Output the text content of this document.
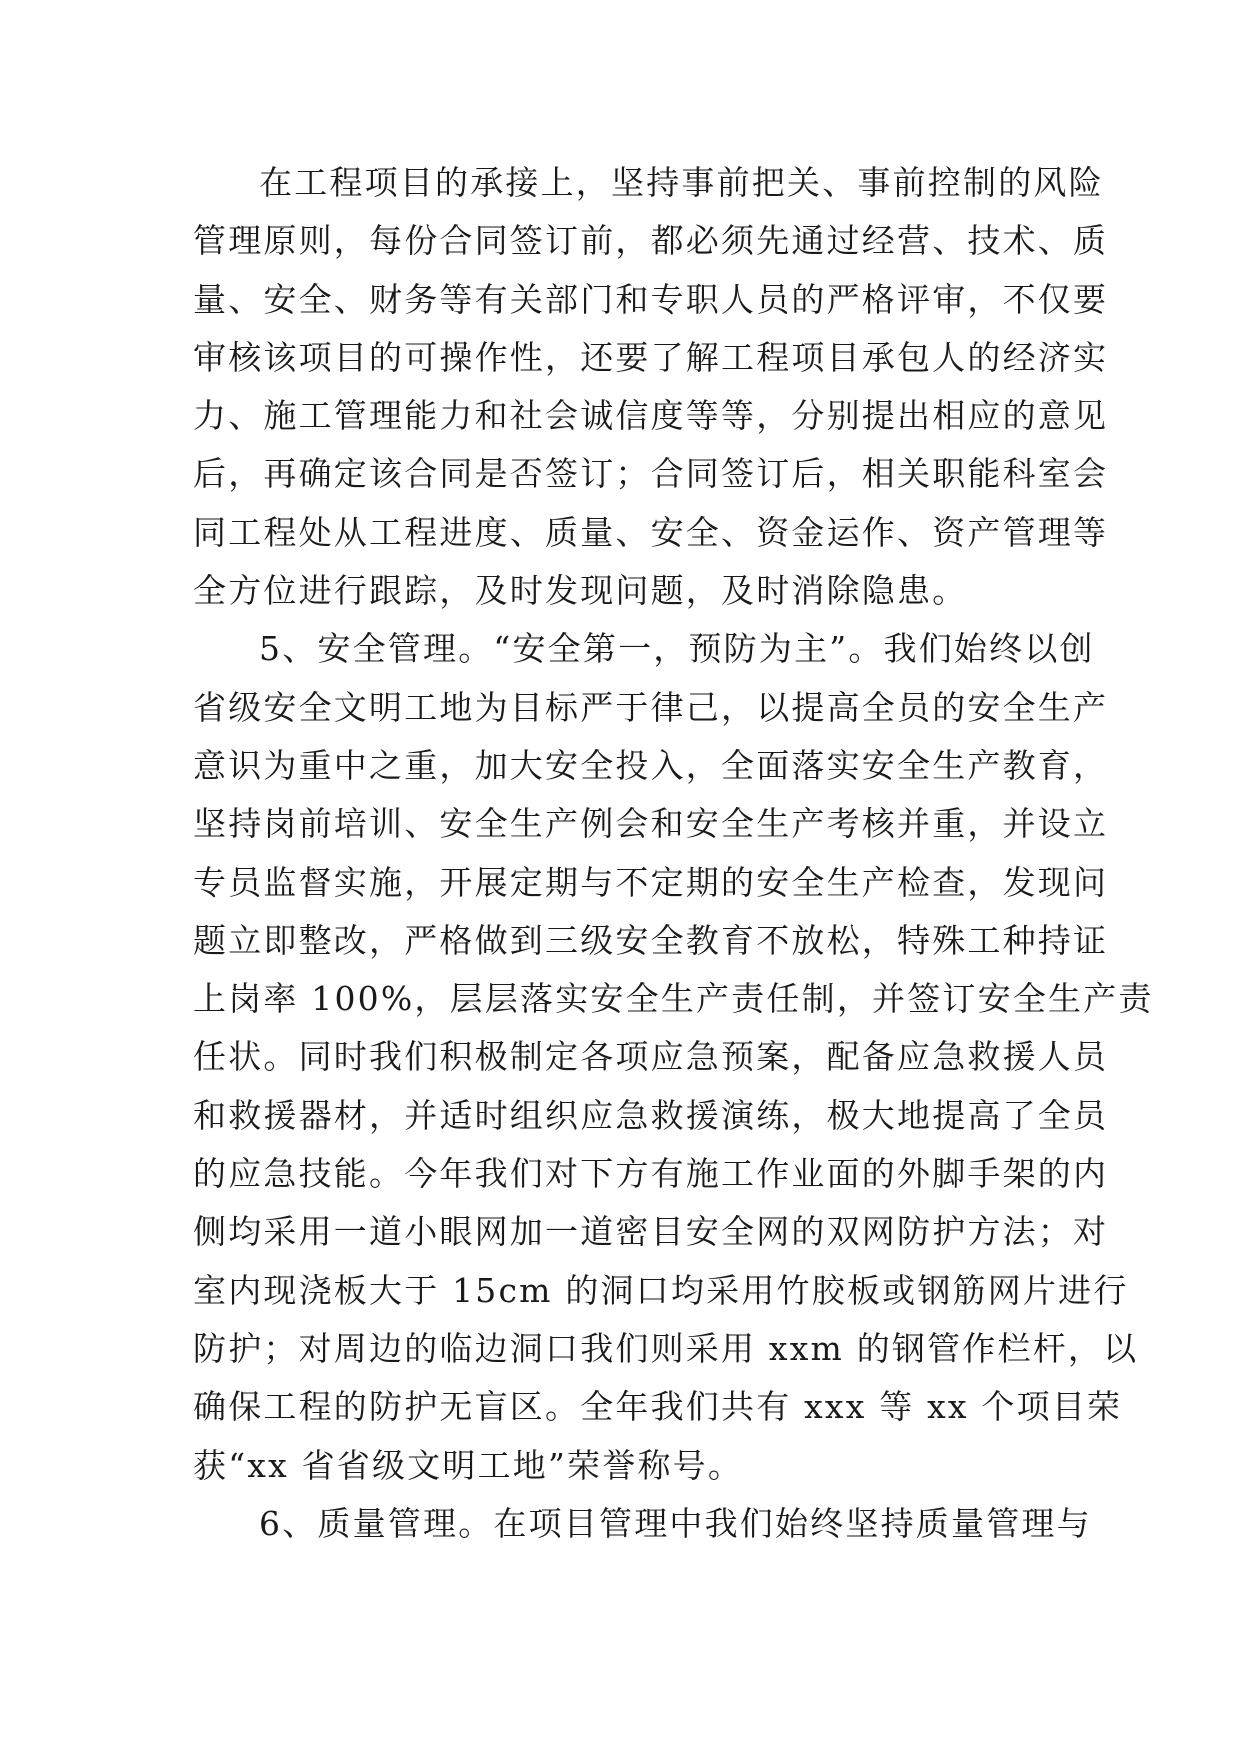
在工程项目的承接上，坚持事前把关、事前控制的风险
管理原则，每份合同签订前，都必须先通过经营、技术、质
量、安全、财务等有关部门和专职人员的严格评审，不仅要
审核该项目的可操作性，还要了解工程项目承包人的经济实
力、施工管理能力和社会诚信度等等，分别提出相应的意见
后，再确定该合同是否签订；合同签订后，相关职能科室会
同工程处从工程进度、质量、安全、资金运作、资产管理等
全方位进行跟踪，及时发现问题，及时消除隐患。
5、安全管理。“安全第一，预防为主”。我们始终以创
省级安全文明工地为目标严于律己，以提高全员的安全生产
意识为重中之重，加大安全投入，全面落实安全生产教育，
坚持岗前培训、安全生产例会和安全生产考核并重，并设立
专员监督实施，开展定期与不定期的安全生产检查，发现问
题立即整改，严格做到三级安全教育不放松，特殊工种持证
上岗率 100%，层层落实安全生产责任制，并签订安全生产责
任状。同时我们积极制定各项应急预案，配备应急救援人员
和救援器材，并适时组织应急救援演练，极大地提高了全员
的应急技能。今年我们对下方有施工作业面的外脚手架的内
侧均采用一道小眼网加一道密目安全网的双网防护方法；对
室内现浇板大于 15cm 的洞口均采用竹胶板或钢筋网片进行
防护；对周边的临边洞口我们则采用 xxm 的钢管作栏杆，以
确保工程的防护无盲区。全年我们共有 xxx 等 xx 个项目荣
获“xx 省省级文明工地”荣誉称号。
6、质量管理。在项目管理中我们始终坚持质量管理与
